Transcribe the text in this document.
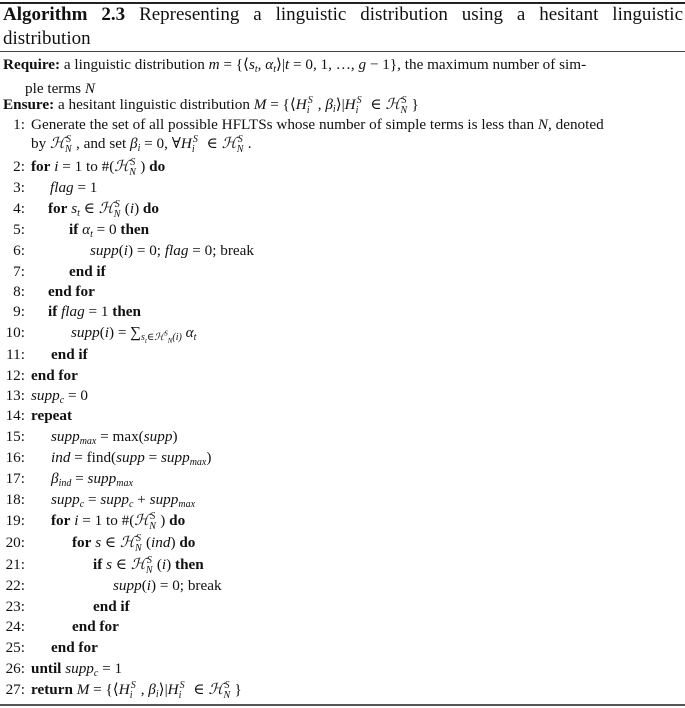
Algorithm 2.3 Representing a linguistic distribution using a hesitant linguistic distribution
Require: a linguistic distribution $m = \{⟨s_t$, $\alpha_t⟩|t = 0$, 1, …, g − 1}, the maximum number of sim-
ple terms N
Ensure: a hesitant linguistic distribution M = {⟨H S
i , $\beta_i⟩|H$ S
i ∈ ℋ S
N }
1: Generate the set of all possible HFLTSs whose number of simple terms is less than N, denoted
by ℋ S
N , and set $\beta_i = 0$, ∀H S
i ∈ ℋ S
N .
2: for i = 1 to #(ℋ S
N ) do
3: flag = 1
4: for $s_t$ ∈ ℋ S
N (i) do
5:	if $\alpha_t = 0$ then
6:	supp(i) = 0; flag = 0; break
7:	end if
8: end for
9: if flag = 1 then
10:	supp(i) = $\sum_{s_t\in ℋ^S_N(i)}$ $\alpha_t$
11: end if
12: end for
13: supp$_c$ = 0
14: repeat
15: supp$_{max}$ = max(supp)
16: ind = find(supp = supp$_{max}$)
17: $\beta_{ind}$ = supp$_{max}$
18: supp$_c$ = supp$_c$ + supp$_{max}$
19: for i = 1 to #(ℋ S
N ) do
20:	for s ∈ ℋ S
N (ind) do
21:	if s ∈ ℋ S
N (i) then
22:	supp(i) = 0; break
23:	end if
24:	end for
25: end for
26: until supp$_c$ = 1
27: return M = {⟨H S
i , $\beta_i⟩|H$ S
i ∈ ℋ S
N }
